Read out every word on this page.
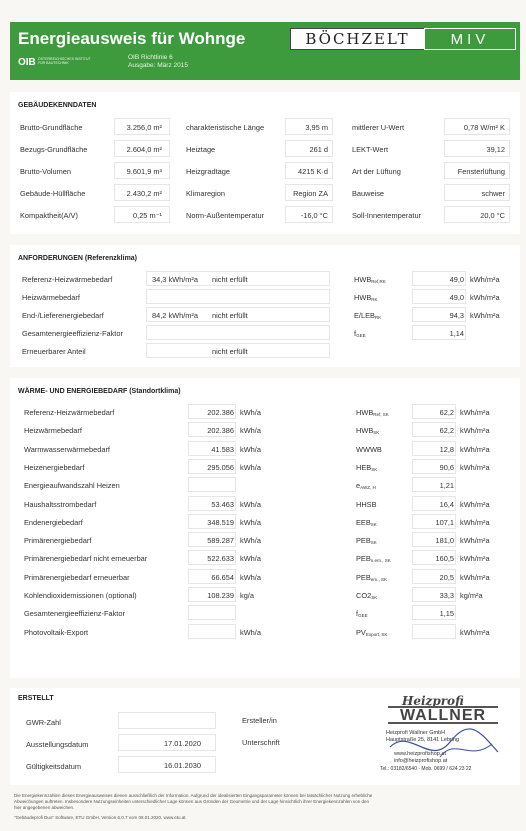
Energieausweis für Wohnge
OIB ÖSTERREICHISCHES INSTITUT FÜR BAUTECHNIK
OIB Richtlinie 6
Ausgabe: März 2015
BÖCHZELT	MIV
GEBÄUDEKENNDATEN
ANFORDERUNGEN (Referenzklima)
WÄRME- UND ENERGIEBEDARF (Standortklima)
ERSTELLT
GWR-Zahl
Ausstellungsdatum	17.01.2020
Gültigkeitsdatum	16.01.2030
Ersteller/in
Unterschrift
Heizprofi
WALLNER
Heizprofi Wallner GmbH
Hauptstraße 25, 8141 Lebring
www.heizprofishop.at
info@heizprofishop.at
Tel.: 03182/6540 · Mob. 0699 / 624 23 22
Die Energiekennzahlen dieses Energieausweises dienen ausschließlich der Information. Aufgrund der idealisierten Eingangsparameter können bei tatsächlicher Nutzung erhebliche
Abweichungen auftreten. Insbesondere Nutzungseinheiten unterschiedlicher Lage können aus Gründen der Geometrie und der Lage hinsichtlich ihrer Energiekennzahlen von den
hier angegebenen abweichen.
"Gebäudeprofi Duo" Software, ETU GmbH, Version 6.0.7 vom 08.01.2020, www.etu.at
Brutto-Grundfläche	3.256,0 m²	charakteristische Länge	3,95 m	mittlerer U-Wert	0,78 W/m² K
Bezugs-Grundfläche	2.604,0 m²	Heiztage	261 d	LEKT-Wert	39,12
Brutto-Volumen	9.601,9 m³	Heizgradtage	4215 K·d	Art der Lüftung	Fensterlüftung
Gebäude-Hüllfläche	2.430,2 m²	Klimaregion	Region ZA	Bauweise	schwer
Kompaktheit(A/V)	0,25 m⁻¹	Norm-Außentemperatur	-16,0 °C	Soll-Innentemperatur	20,0 °C
Referenz-Heizwärmebedarf	34,3 kWh/m²a nicht erfüllt	$HWB_{Ref,RK}$	49,0 kWh/m²a
Heizwärmebedarf	$HWB_{RK}$	49,0 kWh/m²a
End-/Lieferenergiebedarf	84,2 kWh/m²a nicht erfüllt	$E/LEB_{RK}$	94,3 kWh/m²a
Gesamtenergieeffizienz-Faktor	$f_{GEE}$	1,14
Erneuerbarer Anteil	nicht erfüllt
Referenz-Heizwärmebedarf	202.386 kWh/a	$HWB_{Ref, SK}$	62,2 kWh/m²a
Heizwärmebedarf	202.386 kWh/a	$HWB_{SK}$	62,2 kWh/m²a
Warmwasserwärmebedarf	41.583 kWh/a	WWWB	12,8 kWh/m²a
Heizenergiebedarf	295.056 kWh/a	$HEB_{SK}$	90,6 kWh/m²a
Energieaufwandszahl Heizen	$e_{AWZ, H}$	1,21
Haushaltsstrombedarf	53.463 kWh/a	HHSB	16,4 kWh/m²a
Endenergiebedarf	348.519 kWh/a	$EEB_{SK}$	107,1 kWh/m²a
Primärenergiebedarf	589.287 kWh/a	$PEB_{SK}$	181,0 kWh/m²a
Primärenergiebedarf nicht erneuerbar	522.633 kWh/a	$PEB_{n.ern., SK}$	160,5 kWh/m²a
Primärenergiebedarf erneuerbar	66.654 kWh/a	$PEB_{ern., SK}$	20,5 kWh/m²a
Kohlendioxidemissionen (optional)	108.239 kg/a	$CO2_{SK}$	33,3 kg/m²a
Gesamtenergieeffizienz-Faktor	$f_{GEE}$	1,15
Photovoltaik-Export	kWh/a	$PV_{Export, SK}$	kWh/m²a
